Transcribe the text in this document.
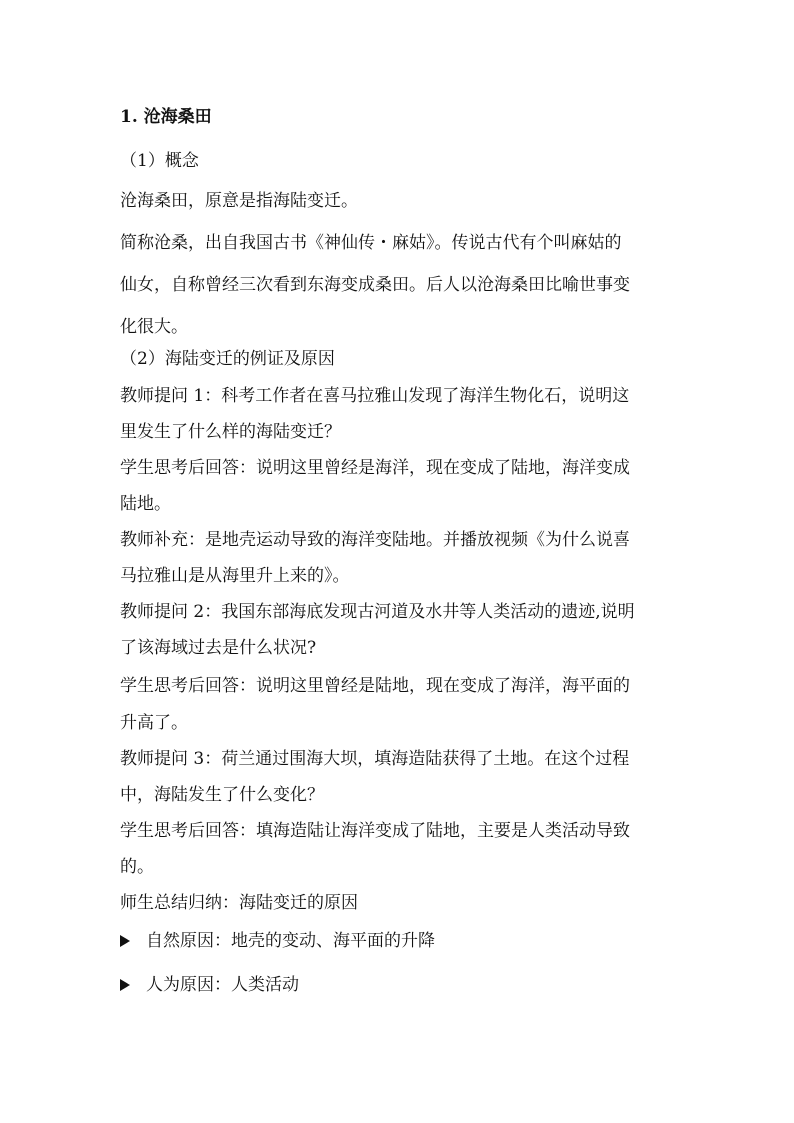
1. 沧海桑田
（1）概念
沧海桑田，原意是指海陆变迁。
简称沧桑，出自我国古书《神仙传・麻姑》。传说古代有个叫麻姑的
仙女，自称曾经三次看到东海变成桑田。后人以沧海桑田比喻世事变
化很大。
（2）海陆变迁的例证及原因
教师提问 1：科考工作者在喜马拉雅山发现了海洋生物化石，说明这
里发生了什么样的海陆变迁？
学生思考后回答：说明这里曾经是海洋，现在变成了陆地，海洋变成
陆地。
教师补充：是地壳运动导致的海洋变陆地。并播放视频《为什么说喜
马拉雅山是从海里升上来的》。
教师提问 2：我国东部海底发现古河道及水井等人类活动的遗迹,说明
了该海域过去是什么状况?
学生思考后回答：说明这里曾经是陆地，现在变成了海洋，海平面的
升高了。
教师提问 3：荷兰通过围海大坝，填海造陆获得了土地。在这个过程
中，海陆发生了什么变化？
学生思考后回答：填海造陆让海洋变成了陆地，主要是人类活动导致
的。
师生总结归纳：海陆变迁的原因
自然原因：地壳的变动、海平面的升降
人为原因：人类活动
